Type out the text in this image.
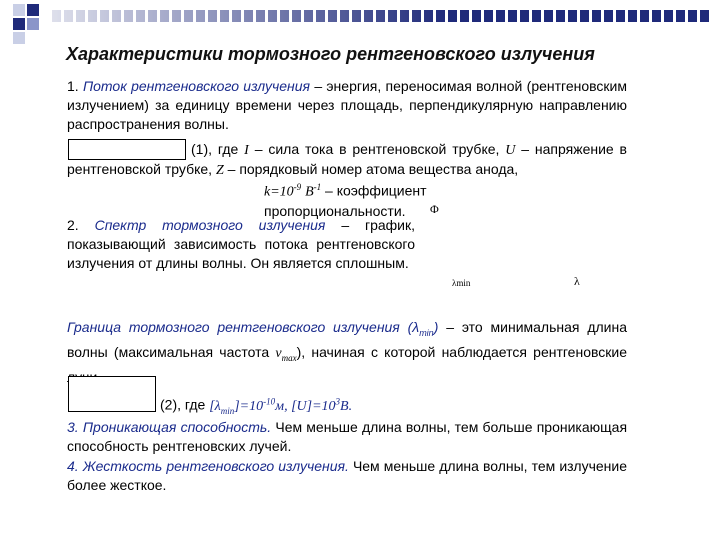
Характеристики тормозного рентгеновского излучения
1. Поток рентгеновского излучения – энергия, переносимая волной (рентгеновским излучением) за единицу времени через площадь, перпендикулярную направлению распространения волны.
(1), где I – сила тока в рентгеновской трубке, U – напряжение в рентгеновской трубке, Z – порядковый номер атома вещества анода,
$k=10^{-9}$ $В^{-1}$ – коэффициент пропорциональности.
2. Спектр тормозного излучения – график, показывающий зависимость потока рентгеновского излучения от длины волны. Он является сплошным.
Φ
λmin	λ
Граница тормозного рентгеновского излучения $(\lambda_{min})$ – это минимальная длина волны (максимальная частота $\nu_{max}$), начиная с которой наблюдается рентгеновские
(2), где $[\lambda_{min}]=10^{-10}м$, $[U]=10^3В$.
3. Проникающая способность. Чем меньше длина волны, тем больше проникающая способность рентгеновских лучей.
4. Жесткость рентгеновского излучения. Чем меньше длина волны, тем излучение более жесткое.
